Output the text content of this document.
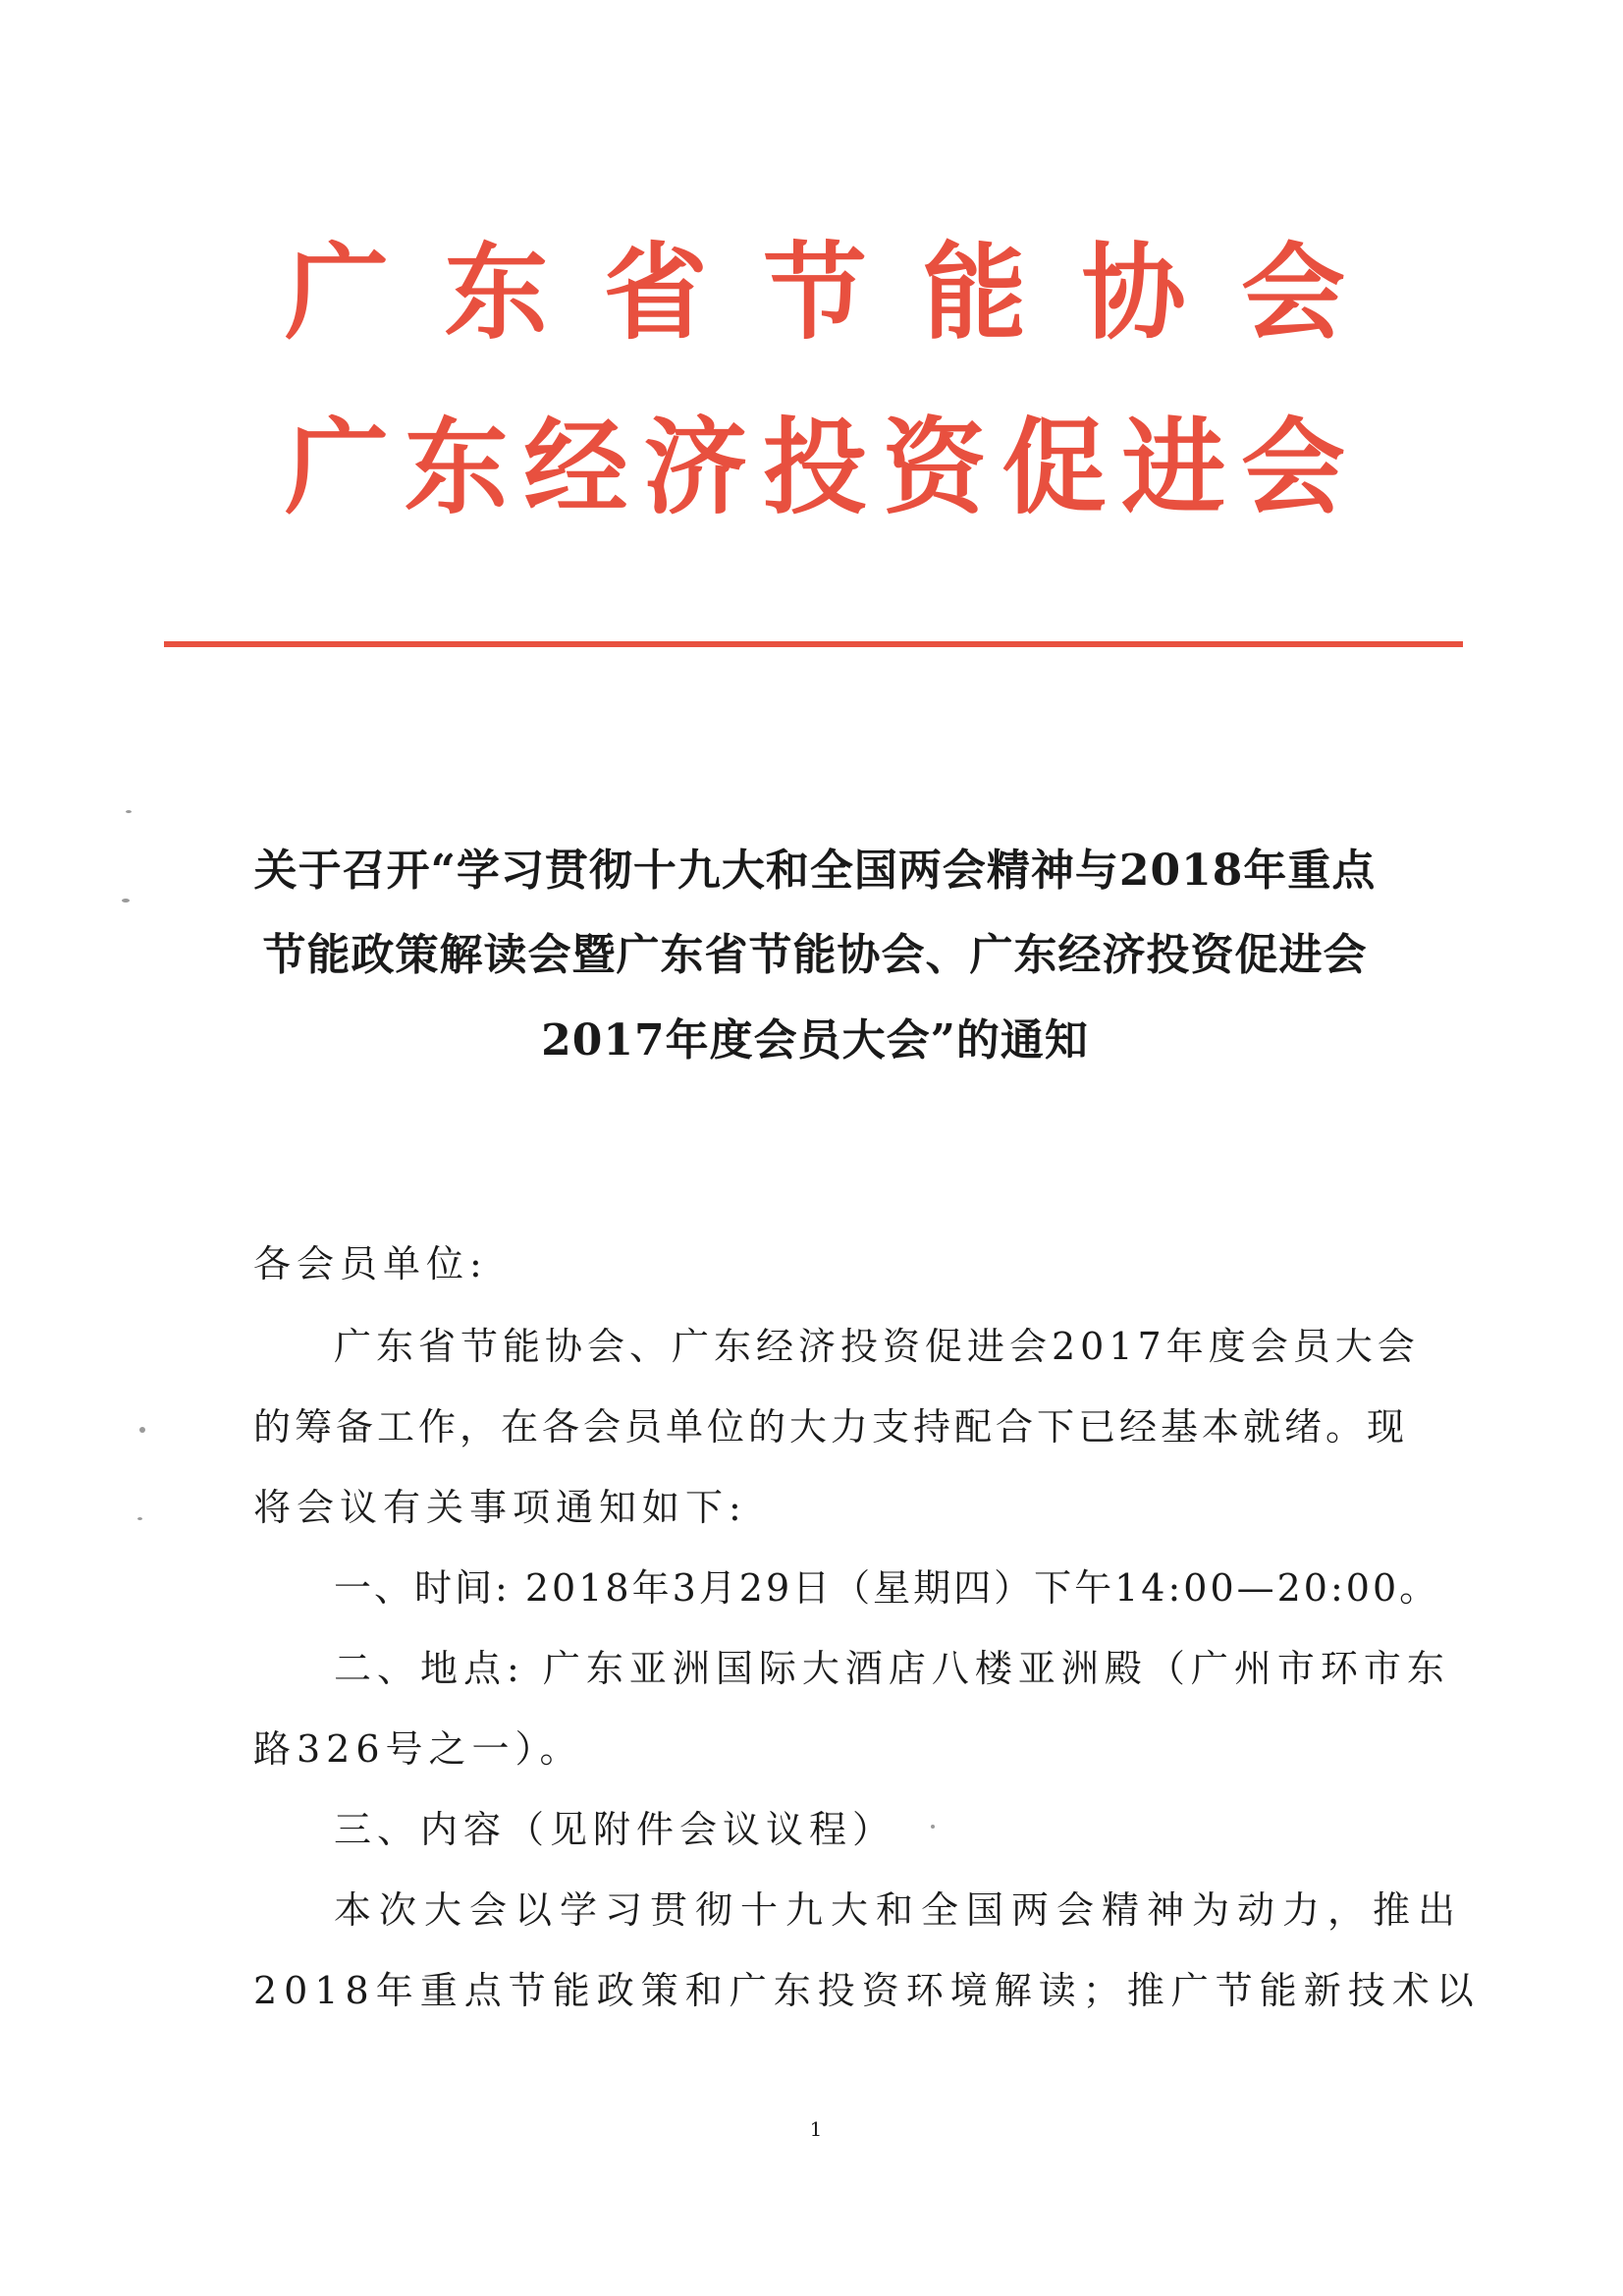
广 东 省 节 能 协 会
广 东 经 济 投 资 促 进 会
关于召开“学习贯彻十九大和全国两会精神与2018年重点
节能政策解读会暨广东省节能协会、广东经济投资促进会
2017年度会员大会”的通知
各会员单位:
广东省节能协会、广东经济投资促进会2017年度会员大会
的筹备工作，在各会员单位的大力支持配合下已经基本就绪。现
将会议有关事项通知如下:
一、时间: 2018年3月29日（星期四）下午14:00—20:00。
二、地点: 广东亚洲国际大酒店八楼亚洲殿（广州市环市东
路326号之一）。
三、内容（见附件会议议程）
本次大会以学习贯彻十九大和全国两会精神为动力，推出
2018年重点节能政策和广东投资环境解读；推广节能新技术以
1
